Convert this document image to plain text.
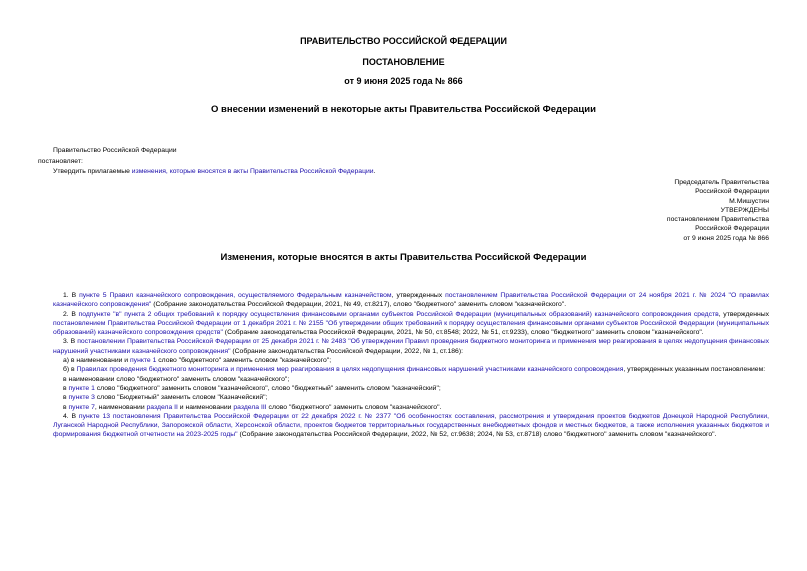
ПРАВИТЕЛЬСТВО РОССИЙСКОЙ ФЕДЕРАЦИИ
ПОСТАНОВЛЕНИЕ
от 9 июня 2025 года № 866
О внесении изменений в некоторые акты Правительства Российской Федерации
Правительство Российской Федерации
постановляет:
Утвердить прилагаемые изменения, которые вносятся в акты Правительства Российской Федерации.
Председатель Правительства
Российской Федерации
М.Мишустин
УТВЕРЖДЕНЫ
постановлением Правительства
Российской Федерации
от 9 июня 2025 года № 866
Изменения, которые вносятся в акты Правительства Российской Федерации

1. В пункте 5 Правил казначейского сопровождения, осуществляемого Федеральным казначейством, утвержденных постановлением Правительства Российской Федерации от 24 ноября 2021 г. № 2024 "О правилах казначейского сопровождения" (Собрание законодательства Российской Федерации, 2021, № 49, ст.8217), слово "бюджетного" заменить словом "казначейского".

2. В подпункте "в" пункта 2 общих требований к порядку осуществления финансовыми органами субъектов Российской Федерации (муниципальных образований) казначейского сопровождения средств, утвержденных постановлением Правительства Российской Федерации от 1 декабря 2021 г. № 2155 "Об утверждении общих требований к порядку осуществления финансовыми органами субъектов Российской Федерации (муниципальных образований) казначейского сопровождения средств" (Собрание законодательства Российской Федерации, 2021, № 50, ст.8548; 2022, № 51, ст.9233), слово "бюджетного" заменить словом "казначейского".

3. В постановлении Правительства Российской Федерации от 25 декабря 2021 г. № 2483 "Об утверждении Правил проведения бюджетного мониторинга и применения мер реагирования в целях недопущения финансовых нарушений участниками казначейского сопровождения" (Собрание законодательства Российской Федерации, 2022, № 1, ст.186):

а) в наименовании и пункте 1 слово "бюджетного" заменить словом "казначейского";

б) в Правилах проведения бюджетного мониторинга и применения мер реагирования в целях недопущения финансовых нарушений участниками казначейского сопровождения, утвержденных указанным постановлением:

в наименовании слово "бюджетного" заменить словом "казначейского";

в пункте 1 слово "бюджетного" заменить словом "казначейского", слово "бюджетный" заменить словом "казначейский";

в пункте 3 слово "Бюджетный" заменить словом "Казначейский";

в пункте 7, наименовании раздела II и наименовании раздела III слово "бюджетного" заменить словом "казначейского".

4. В пункте 13 постановления Правительства Российской Федерации от 22 декабря 2022 г. № 2377 "Об особенностях составления, рассмотрения и утверждения проектов бюджетов Донецкой Народной Республики, Луганской Народной Республики, Запорожской области, Херсонской области, проектов бюджетов территориальных государственных внебюджетных фондов и местных бюджетов, а также исполнения указанных бюджетов и формирования бюджетной отчетности на 2023-2025 годы" (Собрание законодательства Российской Федерации, 2022, № 52, ст.9638; 2024, № 53, ст.8718) слово "бюджетного" заменить словом "казначейского".
